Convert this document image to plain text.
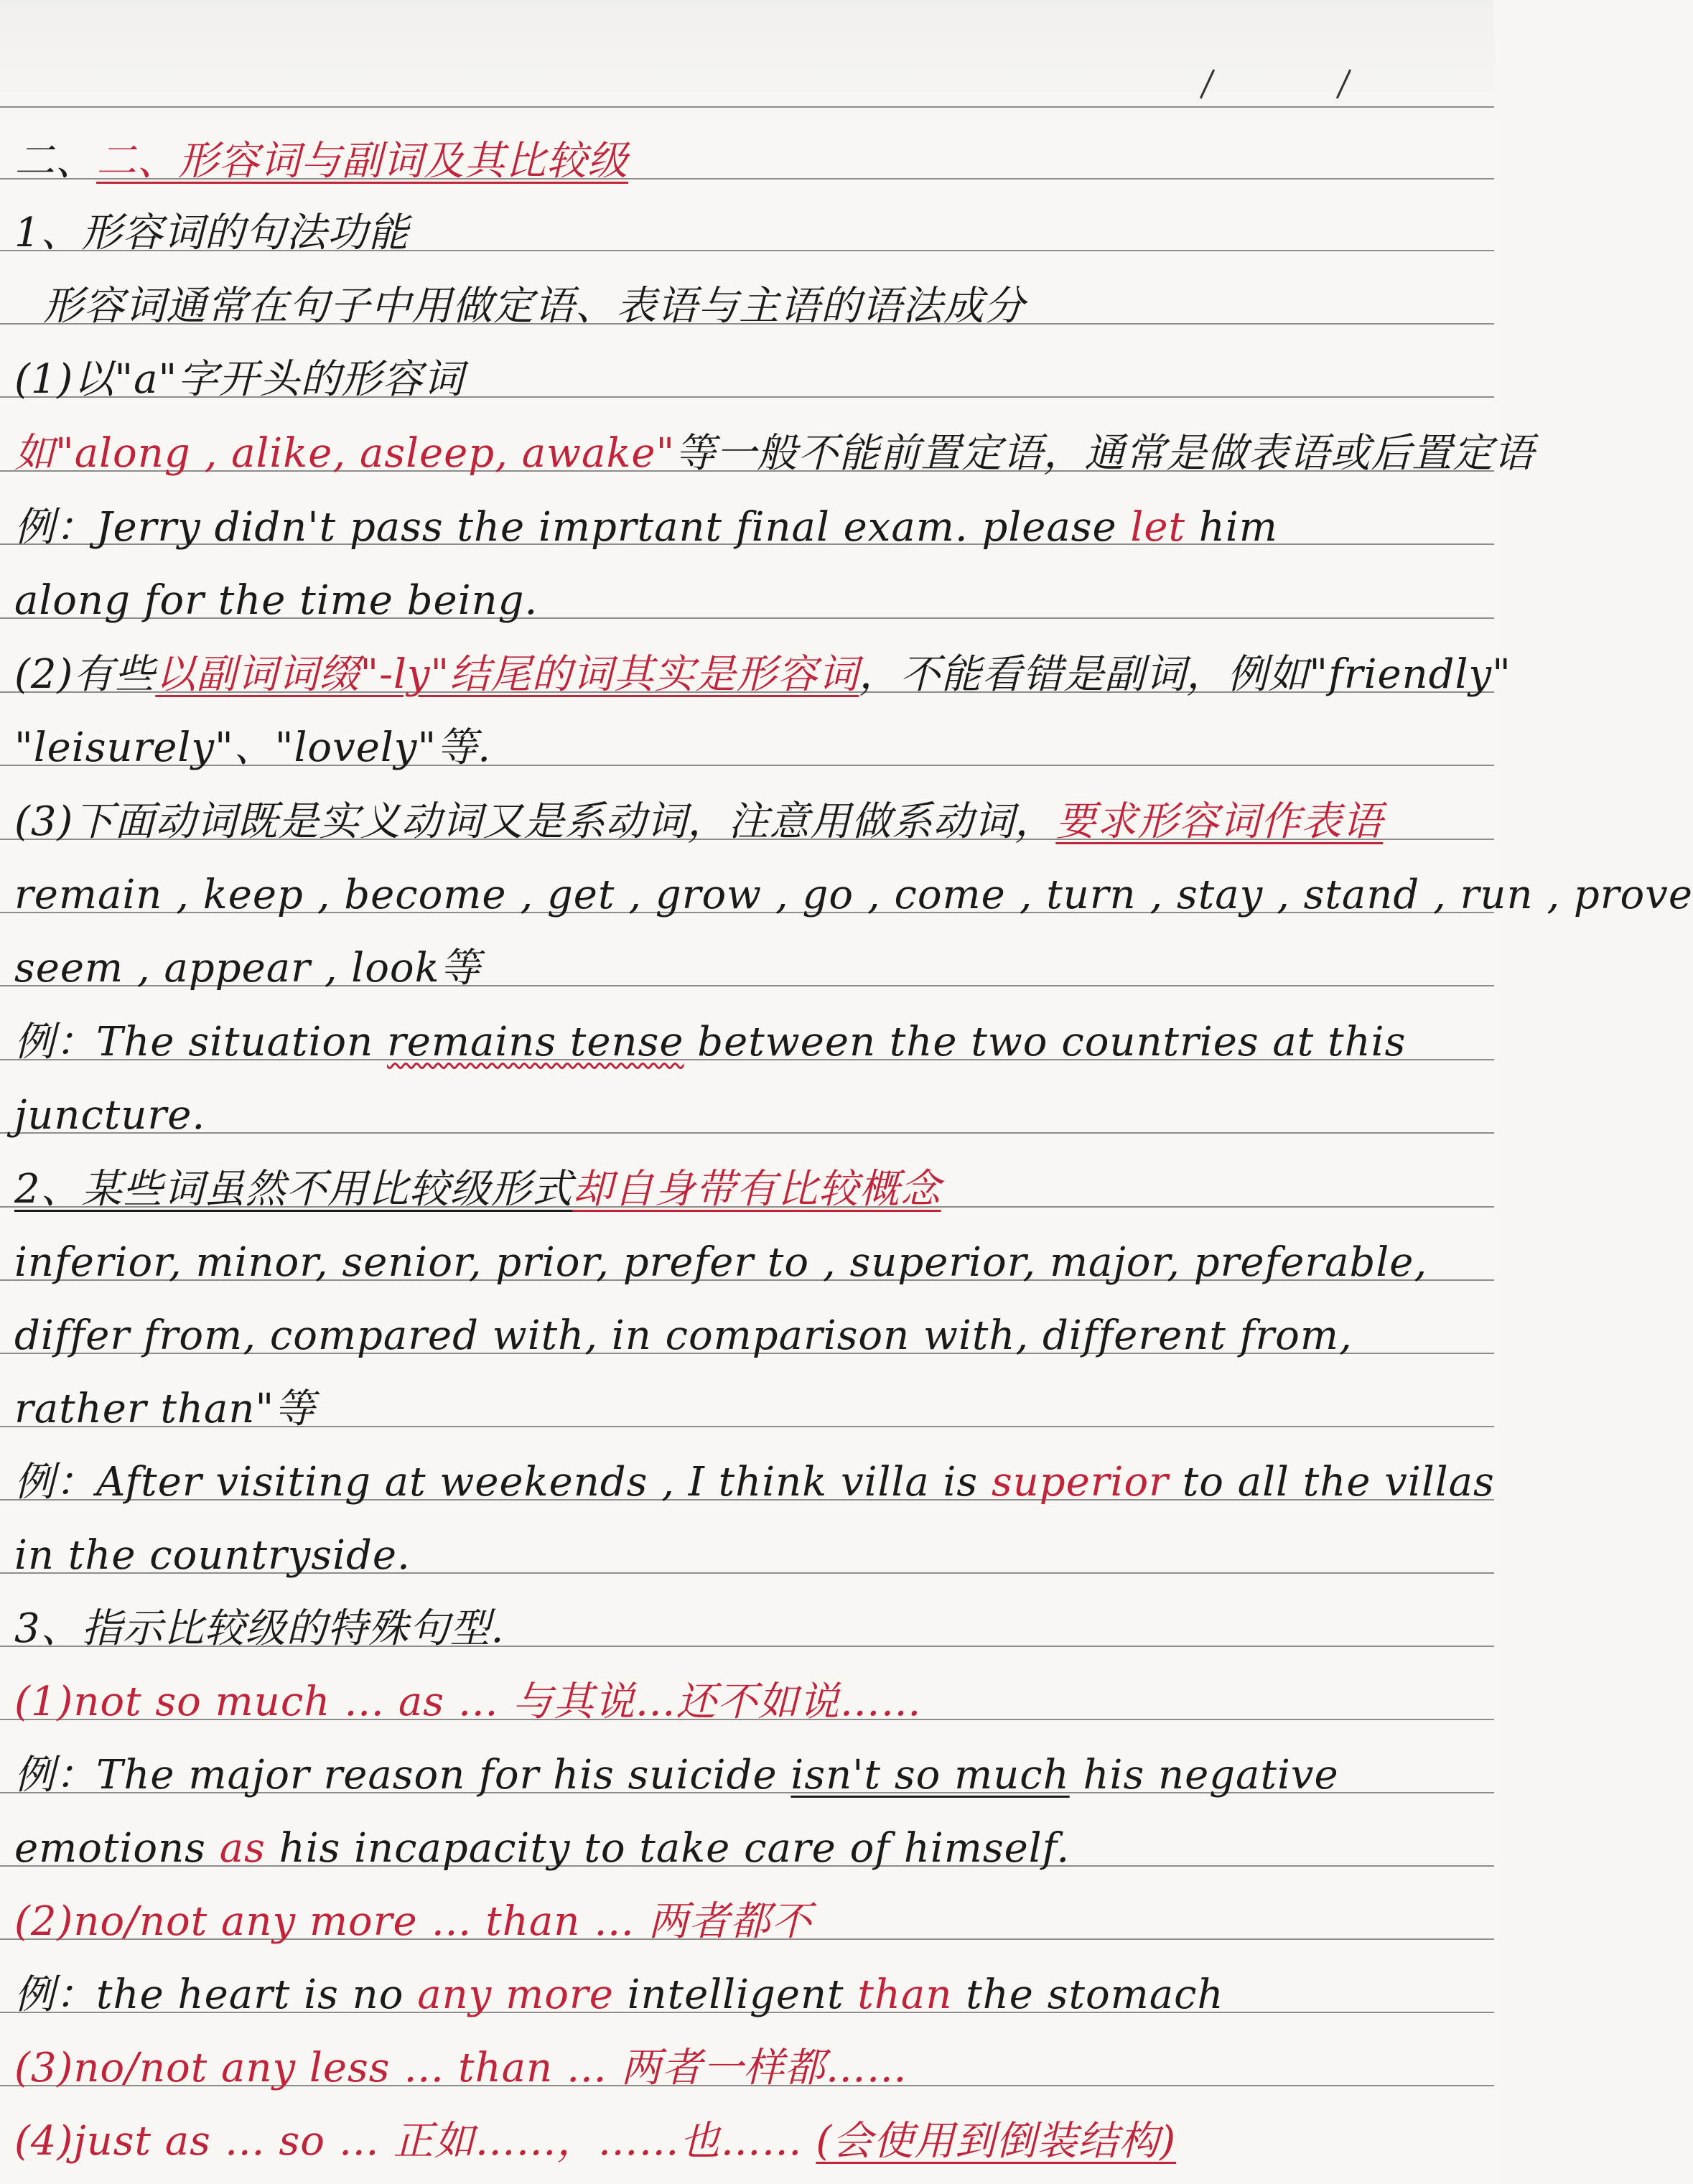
二、二、形容词与副词及其比较级
1、形容词的句法功能
形容词通常在句子中用做定语、表语与主语的语法成分
(1)以"a"字开头的形容词
如"along , alike, asleep, awake"等一般不能前置定语，通常是做表语或后置定语
例：Jerry didn't pass the imprtant final exam. please let him
along for the time being.
(2)有些以副词词缀"-ly"结尾的词其实是形容词，不能看错是副词，例如"friendly"
"leisurely"、"lovely"等.
(3)下面动词既是实义动词又是系动词，注意用做系动词，要求形容词作表语
remain , keep , become , get , grow , go , come , turn , stay , stand , run , prove
seem , appear , look等
例：The situation remains tense between the two countries at this
juncture.
2、某些词虽然不用比较级形式却自身带有比较概念
inferior, minor, senior, prior, prefer to , superior, major, preferable,
differ from, compared with, in comparison with, different from,
rather than"等
例：After visiting at weekends , I think villa is superior to all the villas
in the countryside.
3、指示比较级的特殊句型.
(1)not so much … as … 与其说…还不如说……
例：The major reason for his suicide isn't so much his negative
emotions as his incapacity to take care of himself.
(2)no/not any more … than … 两者都不
例：the heart is no any more intelligent than the stomach
(3)no/not any less … than … 两者一样都……
(4)just as … so … 正如……，……也…… (会使用到倒装结构)
